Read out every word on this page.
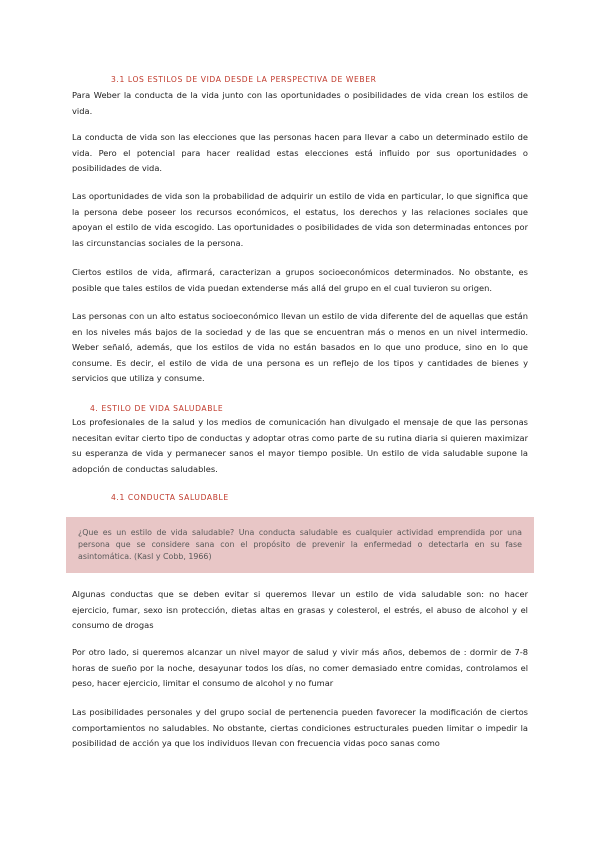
3.1 LOS ESTILOS DE VIDA DESDE LA PERSPECTIVA DE WEBER

Para Weber la conducta de la vida junto con las oportunidades o posibilidades de vida crean los estilos de vida.

La conducta de vida son las elecciones que las personas hacen para llevar a cabo un determinado estilo de vida. Pero el potencial para hacer realidad estas elecciones está influido por sus oportunidades o posibilidades de vida.

Las oportunidades de vida son la probabilidad de adquirir un estilo de vida en particular, lo que significa que la persona debe poseer los recursos económicos, el estatus, los derechos y las relaciones sociales que apoyan el estilo de vida escogido. Las oportunidades o posibilidades de vida son determinadas entonces por las circunstancias sociales de la persona.

Ciertos estilos de vida, afirmará, caracterizan a grupos socioeconómicos determinados. No obstante, es posible que tales estilos de vida puedan extenderse más allá del grupo en el cual tuvieron su origen.

Las personas con un alto estatus socioeconómico llevan un estilo de vida diferente del de aquellas que están en los niveles más bajos de la sociedad y de las que se encuentran más o menos en un nivel intermedio. Weber señaló, además, que los estilos de vida no están basados en lo que uno produce, sino en lo que consume. Es decir, el estilo de vida de una persona es un reflejo de los tipos y cantidades de bienes y servicios que utiliza y consume.

4. ESTILO DE VIDA SALUDABLE

Los profesionales de la salud y los medios de comunicación han divulgado el mensaje de que las personas necesitan evitar cierto tipo de conductas y adoptar otras como parte de su rutina diaria si quieren maximizar su esperanza de vida y permanecer sanos el mayor tiempo posible. Un estilo de vida saludable supone la adopción de conductas saludables.

4.1 CONDUCTA SALUDABLE

¿Que es un estilo de vida saludable? Una conducta saludable es cualquier actividad emprendida por una persona que se considere sana con el propósito de prevenir la enfermedad o detectarla en su fase asintomática. (Kasl y Cobb, 1966)

Algunas conductas que se deben evitar si queremos llevar un estilo de vida saludable son: no hacer ejercicio, fumar, sexo isn protección, dietas altas en grasas y colesterol, el estrés, el abuso de alcohol y el consumo de drogas

Por otro lado, si queremos alcanzar un nivel mayor de salud y vivir más años, debemos de : dormir de 7-8 horas de sueño por la noche, desayunar todos los días, no comer demasiado entre comidas, controlamos el peso, hacer ejercicio, limitar el consumo de alcohol y no fumar

Las posibilidades personales y del grupo social de pertenencia pueden favorecer la modificación de ciertos comportamientos no saludables. No obstante, ciertas condiciones estructurales pueden limitar o impedir la posibilidad de acción ya que los individuos llevan con frecuencia vidas poco sanas como
